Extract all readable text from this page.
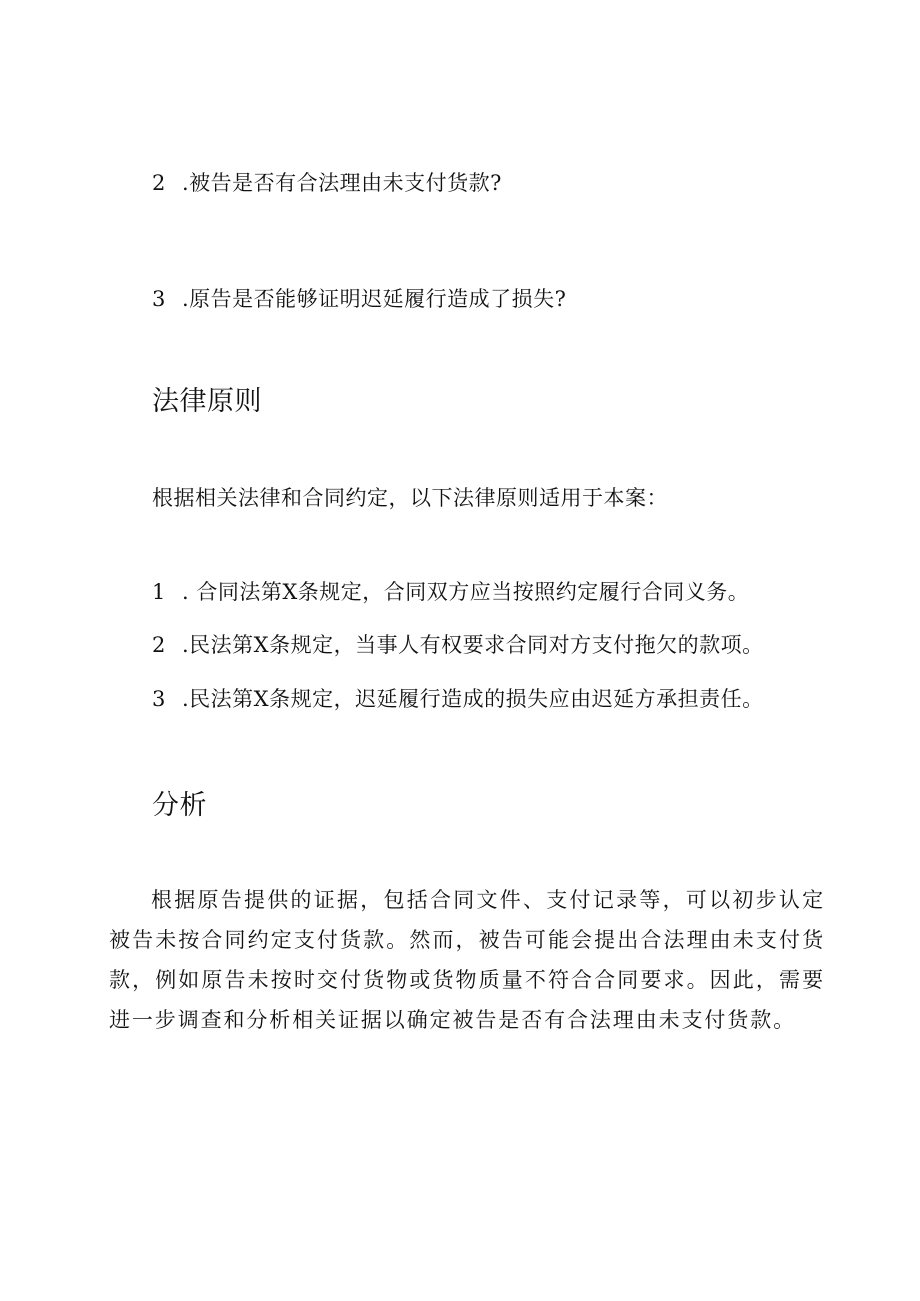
2 .被告是否有合法理由未支付货款?
3 .原告是否能够证明迟延履行造成了损失?
法律原则
根据相关法律和合同约定，以下法律原则适用于本案：
1 . 合同法第X条规定，合同双方应当按照约定履行合同义务。
2 .民法第X条规定，当事人有权要求合同对方支付拖欠的款项。
3 .民法第X条规定，迟延履行造成的损失应由迟延方承担责任。
分析
根据原告提供的证据，包括合同文件、支付记录等，可以初步认定被告未按合同约定支付货款。然而，被告可能会提出合法理由未支付货款，例如原告未按时交付货物或货物质量不符合合同要求。因此，需要进一步调查和分析相关证据以确定被告是否有合法理由未支付货款。
